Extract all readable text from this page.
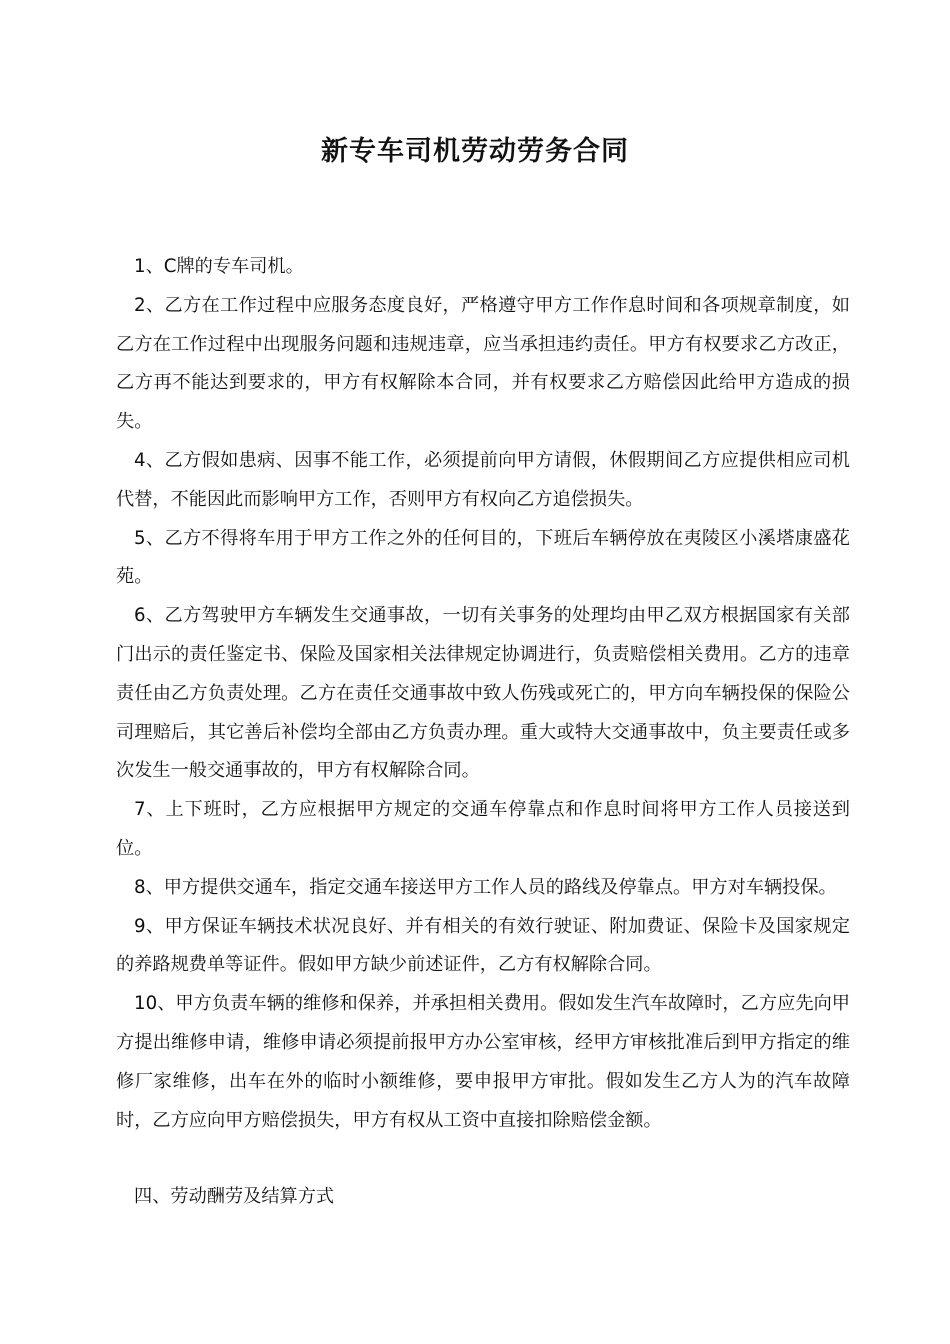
新专车司机劳动劳务合同

1、C牌的专车司机。

2、乙方在工作过程中应服务态度良好，严格遵守甲方工作作息时间和各项规章制度，如乙方在工作过程中出现服务问题和违规违章，应当承担违约责任。甲方有权要求乙方改正，乙方再不能达到要求的，甲方有权解除本合同，并有权要求乙方赔偿因此给甲方造成的损失。

4、乙方假如患病、因事不能工作，必须提前向甲方请假，休假期间乙方应提供相应司机代替，不能因此而影响甲方工作，否则甲方有权向乙方追偿损失。

5、乙方不得将车用于甲方工作之外的任何目的，下班后车辆停放在夷陵区小溪塔康盛花苑。

6、乙方驾驶甲方车辆发生交通事故，一切有关事务的处理均由甲乙双方根据国家有关部门出示的责任鉴定书、保险及国家相关法律规定协调进行，负责赔偿相关费用。乙方的违章责任由乙方负责处理。乙方在责任交通事故中致人伤残或死亡的，甲方向车辆投保的保险公司理赔后，其它善后补偿均全部由乙方负责办理。重大或特大交通事故中，负主要责任或多次发生一般交通事故的，甲方有权解除合同。

7、上下班时，乙方应根据甲方规定的交通车停靠点和作息时间将甲方工作人员接送到位。

8、甲方提供交通车，指定交通车接送甲方工作人员的路线及停靠点。甲方对车辆投保。

9、甲方保证车辆技术状况良好、并有相关的有效行驶证、附加费证、保险卡及国家规定的养路规费单等证件。假如甲方缺少前述证件，乙方有权解除合同。

10、甲方负责车辆的维修和保养，并承担相关费用。假如发生汽车故障时，乙方应先向甲方提出维修申请，维修申请必须提前报甲方办公室审核，经甲方审核批准后到甲方指定的维修厂家维修，出车在外的临时小额维修，要申报甲方审批。假如发生乙方人为的汽车故障时，乙方应向甲方赔偿损失，甲方有权从工资中直接扣除赔偿金额。

四、劳动酬劳及结算方式
